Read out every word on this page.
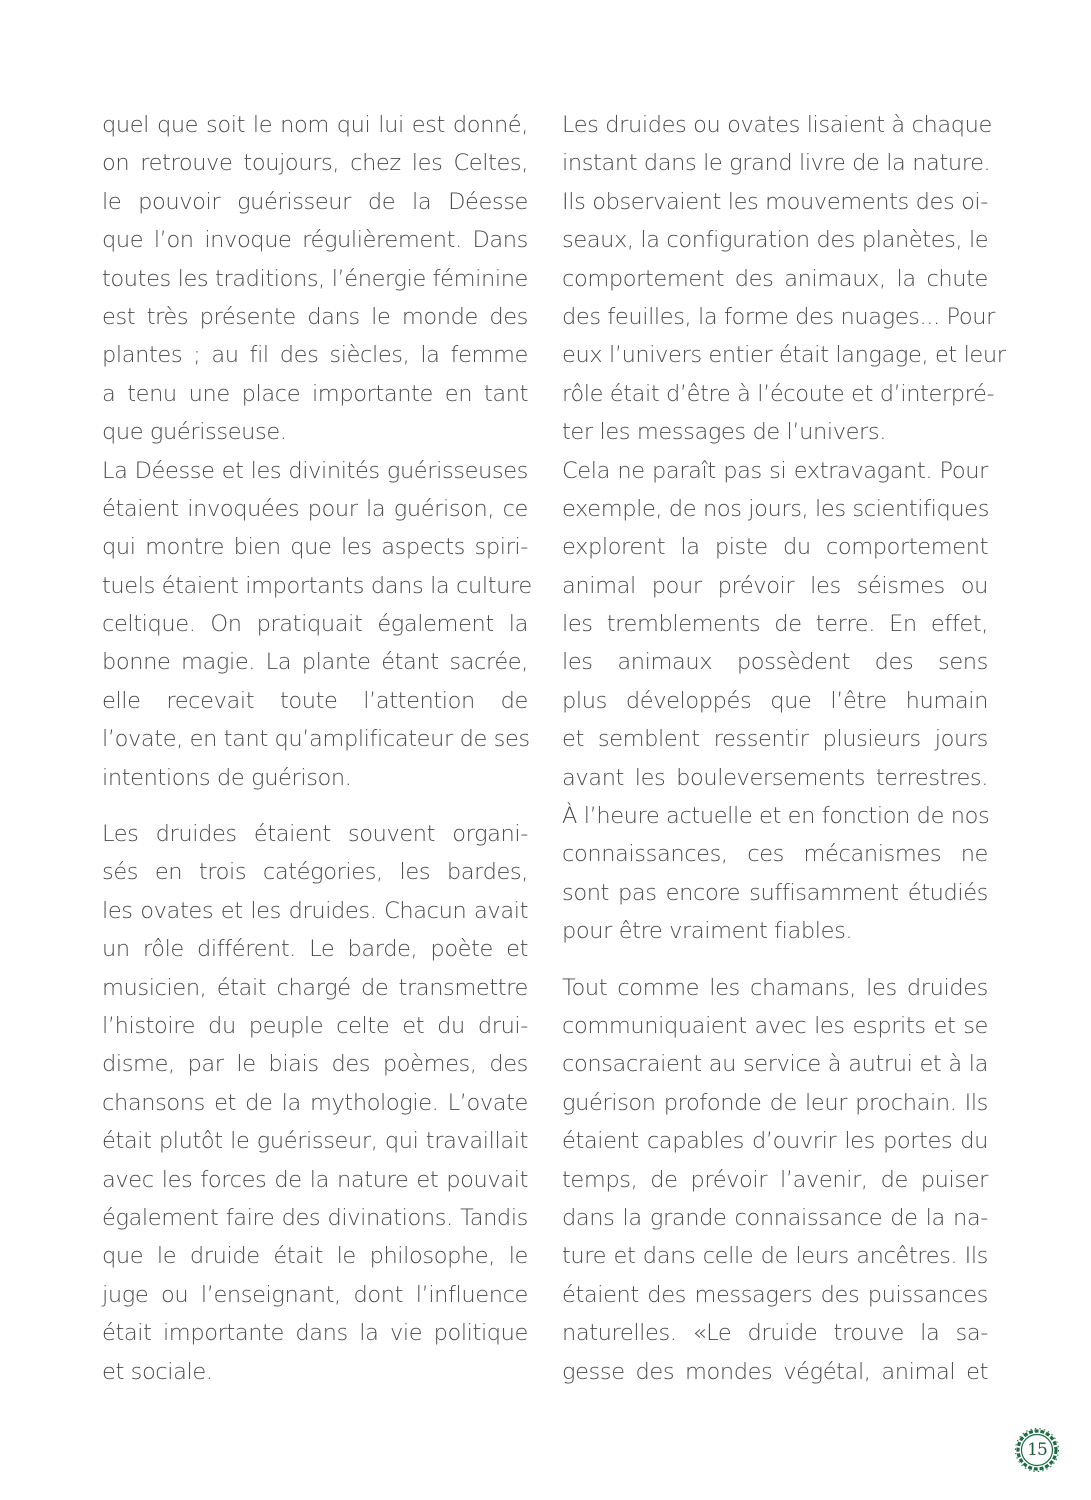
quel que soit le nom qui lui est donné,
on retrouve toujours, chez les Celtes,
le pouvoir guérisseur de la Déesse
que l’on invoque régulièrement. Dans
toutes les traditions, l’énergie féminine
est très présente dans le monde des
plantes ; au fil des siècles, la femme
a tenu une place importante en tant
que guérisseuse.

La Déesse et les divinités guérisseuses
étaient invoquées pour la guérison, ce
qui montre bien que les aspects spiri-
tuels étaient importants dans la culture
celtique. On pratiquait également la
bonne magie. La plante étant sacrée,
elle recevait toute l’attention de
l’ovate, en tant qu’amplificateur de ses
intentions de guérison.

Les druides étaient souvent organi-
sés en trois catégories, les bardes,
les ovates et les druides. Chacun avait
un rôle différent. Le barde, poète et
musicien, était chargé de transmettre
l’histoire du peuple celte et du drui-
disme, par le biais des poèmes, des
chansons et de la mythologie. L’ovate
était plutôt le guérisseur, qui travaillait
avec les forces de la nature et pouvait
également faire des divinations. Tandis
que le druide était le philosophe, le
juge ou l’enseignant, dont l’influence
était importante dans la vie politique
et sociale.

Les druides ou ovates lisaient à chaque
instant dans le grand livre de la nature.
Ils observaient les mouvements des oi-
seaux, la configuration des planètes, le
comportement des animaux, la chute
des feuilles, la forme des nuages... Pour
eux l’univers entier était langage, et leur
rôle était d’être à l’écoute et d’interpré-
ter les messages de l’univers.

Cela ne paraît pas si extravagant. Pour
exemple, de nos jours, les scientifiques
explorent la piste du comportement
animal pour prévoir les séismes ou
les tremblements de terre. En effet,
les animaux possèdent des sens
plus développés que l’être humain
et semblent ressentir plusieurs jours
avant les bouleversements terrestres.
À l’heure actuelle et en fonction de nos
connaissances, ces mécanismes ne
sont pas encore suffisamment étudiés
pour être vraiment fiables.

Tout comme les chamans, les druides
communiquaient avec les esprits et se
consacraient au service à autrui et à la
guérison profonde de leur prochain. Ils
étaient capables d’ouvrir les portes du
temps, de prévoir l’avenir, de puiser
dans la grande connaissance de la na-
ture et dans celle de leurs ancêtres. Ils
étaient des messagers des puissances
naturelles. «Le druide trouve la sa-
gesse des mondes végétal, animal et

15
